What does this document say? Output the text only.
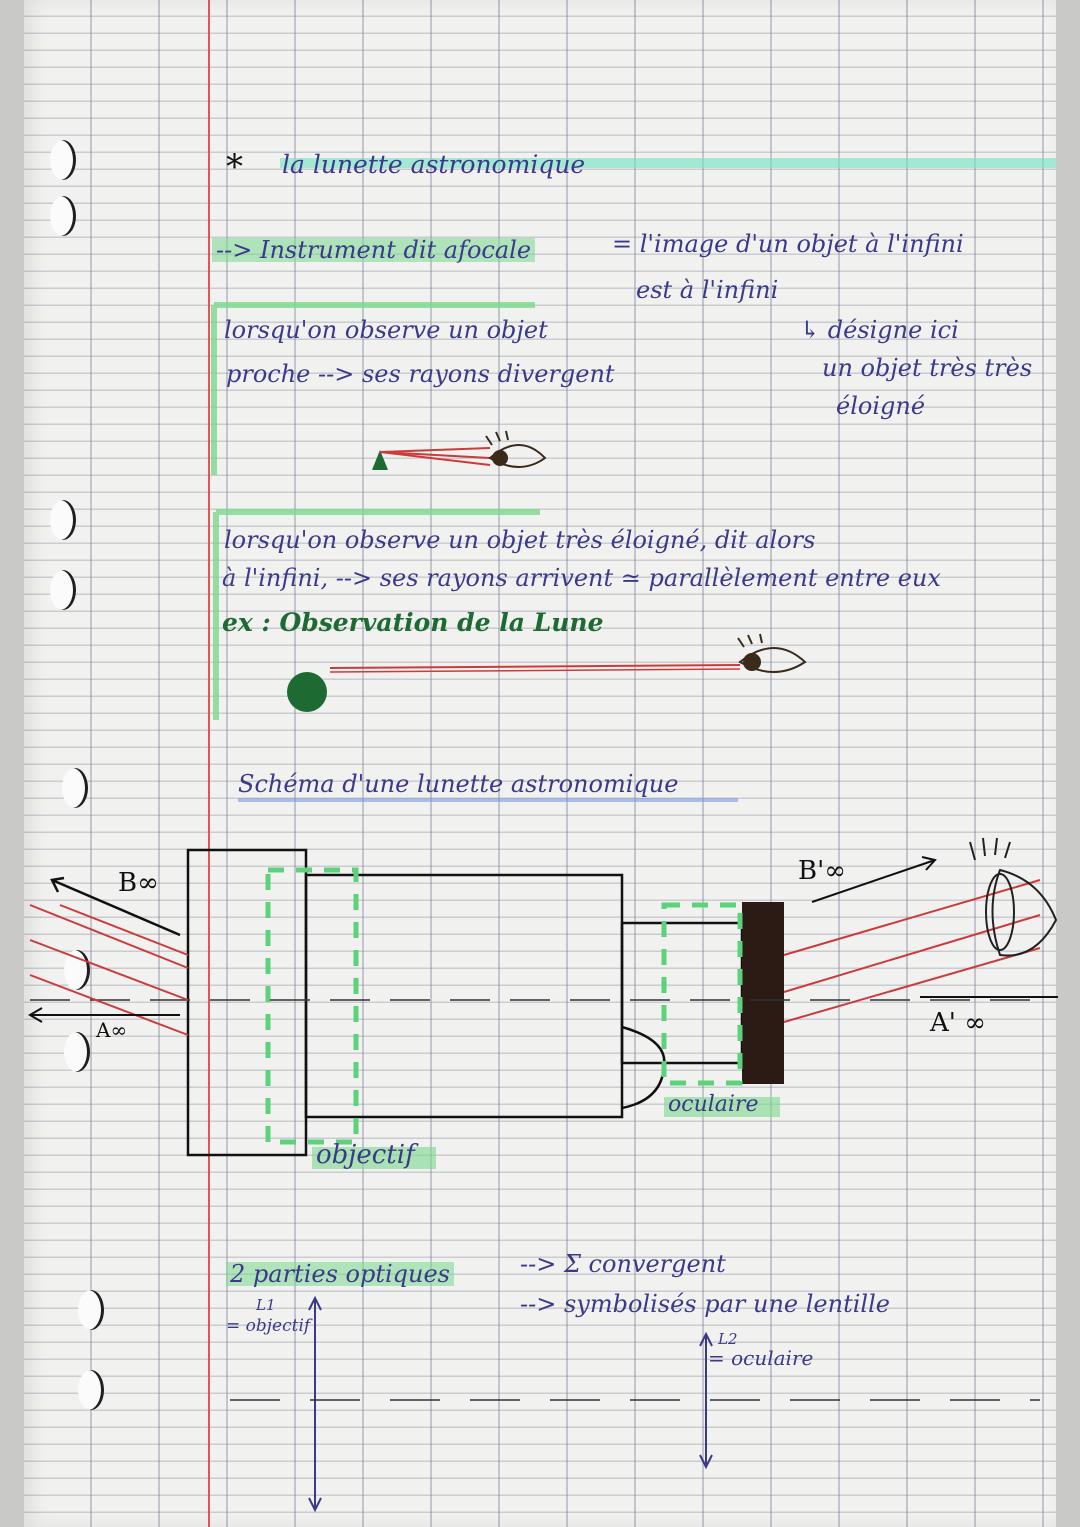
* la lunette astronomique
--> Instrument dit afocale	= l'image d'un objet à l'infini
est à l'infini
↳ désigne ici
un objet très très
éloigné
lorsqu'on observe un objet
proche --> ses rayons divergent
lorsqu'on observe un objet très éloigné, dit alors
à l'infini, --> ses rayons arrivent ≃ parallèlement entre eux
ex : Observation de la Lune
Schéma d'une lunette astronomique
B∞
A∞
B'∞
A' ∞
oculaire
objectif
2 parties optiques	--> Σ convergent
--> symbolisés par une lentille
L1
= objectif
L2
= oculaire
